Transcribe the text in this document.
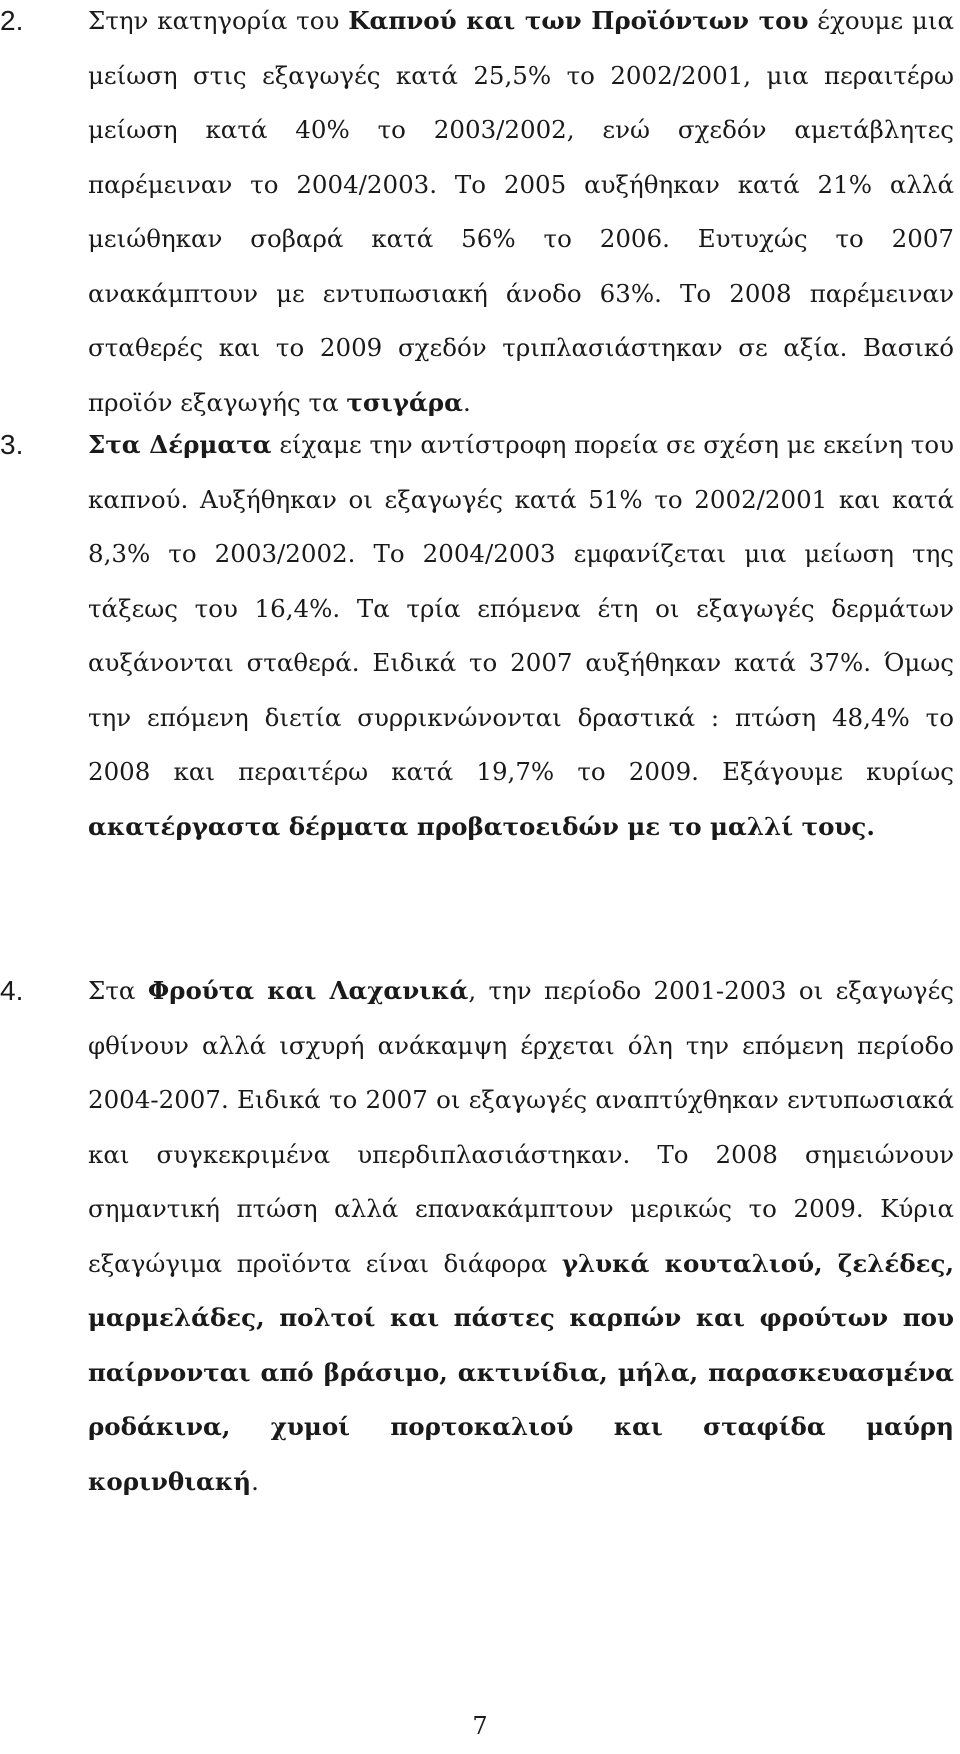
2.	Στην κατηγορία του Καπνού και των Προϊόντων του έχουμε μια μείωση στις εξαγωγές κατά 25,5% το 2002/2001, μια περαιτέρω μείωση κατά 40% το 2003/2002, ενώ σχεδόν αμετάβλητες παρέμειναν το 2004/2003. Το 2005 αυξήθηκαν κατά 21% αλλά μειώθηκαν σοβαρά κατά 56% το 2006. Ευτυχώς το 2007 ανακάμπτουν με εντυπωσιακή άνοδο 63%. Το 2008 παρέμειναν σταθερές και το 2009 σχεδόν τριπλασιάστηκαν σε αξία. Βασικό προϊόν εξαγωγής τα τσιγάρα.
3.	Στα Δέρματα είχαμε την αντίστροφη πορεία σε σχέση με εκείνη του καπνού. Αυξήθηκαν οι εξαγωγές κατά 51% το 2002/2001 και κατά 8,3% το 2003/2002. Το 2004/2003 εμφανίζεται μια μείωση της τάξεως του 16,4%. Τα τρία επόμενα έτη οι εξαγωγές δερμάτων αυξάνονται σταθερά. Ειδικά το 2007 αυξήθηκαν κατά 37%. Όμως την επόμενη διετία συρρικνώνονται δραστικά : πτώση 48,4% το 2008 και περαιτέρω κατά 19,7% το 2009. Εξάγουμε κυρίως ακατέργαστα δέρματα προβατοειδών με το μαλλί τους.
4.	Στα Φρούτα και Λαχανικά, την περίοδο 2001-2003 οι εξαγωγές φθίνουν αλλά ισχυρή ανάκαμψη έρχεται όλη την επόμενη περίοδο 2004-2007. Ειδικά το 2007 οι εξαγωγές αναπτύχθηκαν εντυπωσιακά και συγκεκριμένα υπερδιπλασιάστηκαν. Το 2008 σημειώνουν σημαντική πτώση αλλά επανακάμπτουν μερικώς το 2009. Κύρια εξαγώγιμα προϊόντα είναι διάφορα γλυκά κουταλιού, ζελέδες, μαρμελάδες, πολτοί και πάστες καρπών και φρούτων που παίρνονται από βράσιμο, ακτινίδια, μήλα, παρασκευασμένα ροδάκινα, χυμοί πορτοκαλιού και σταφίδα μαύρη κορινθιακή.
7
